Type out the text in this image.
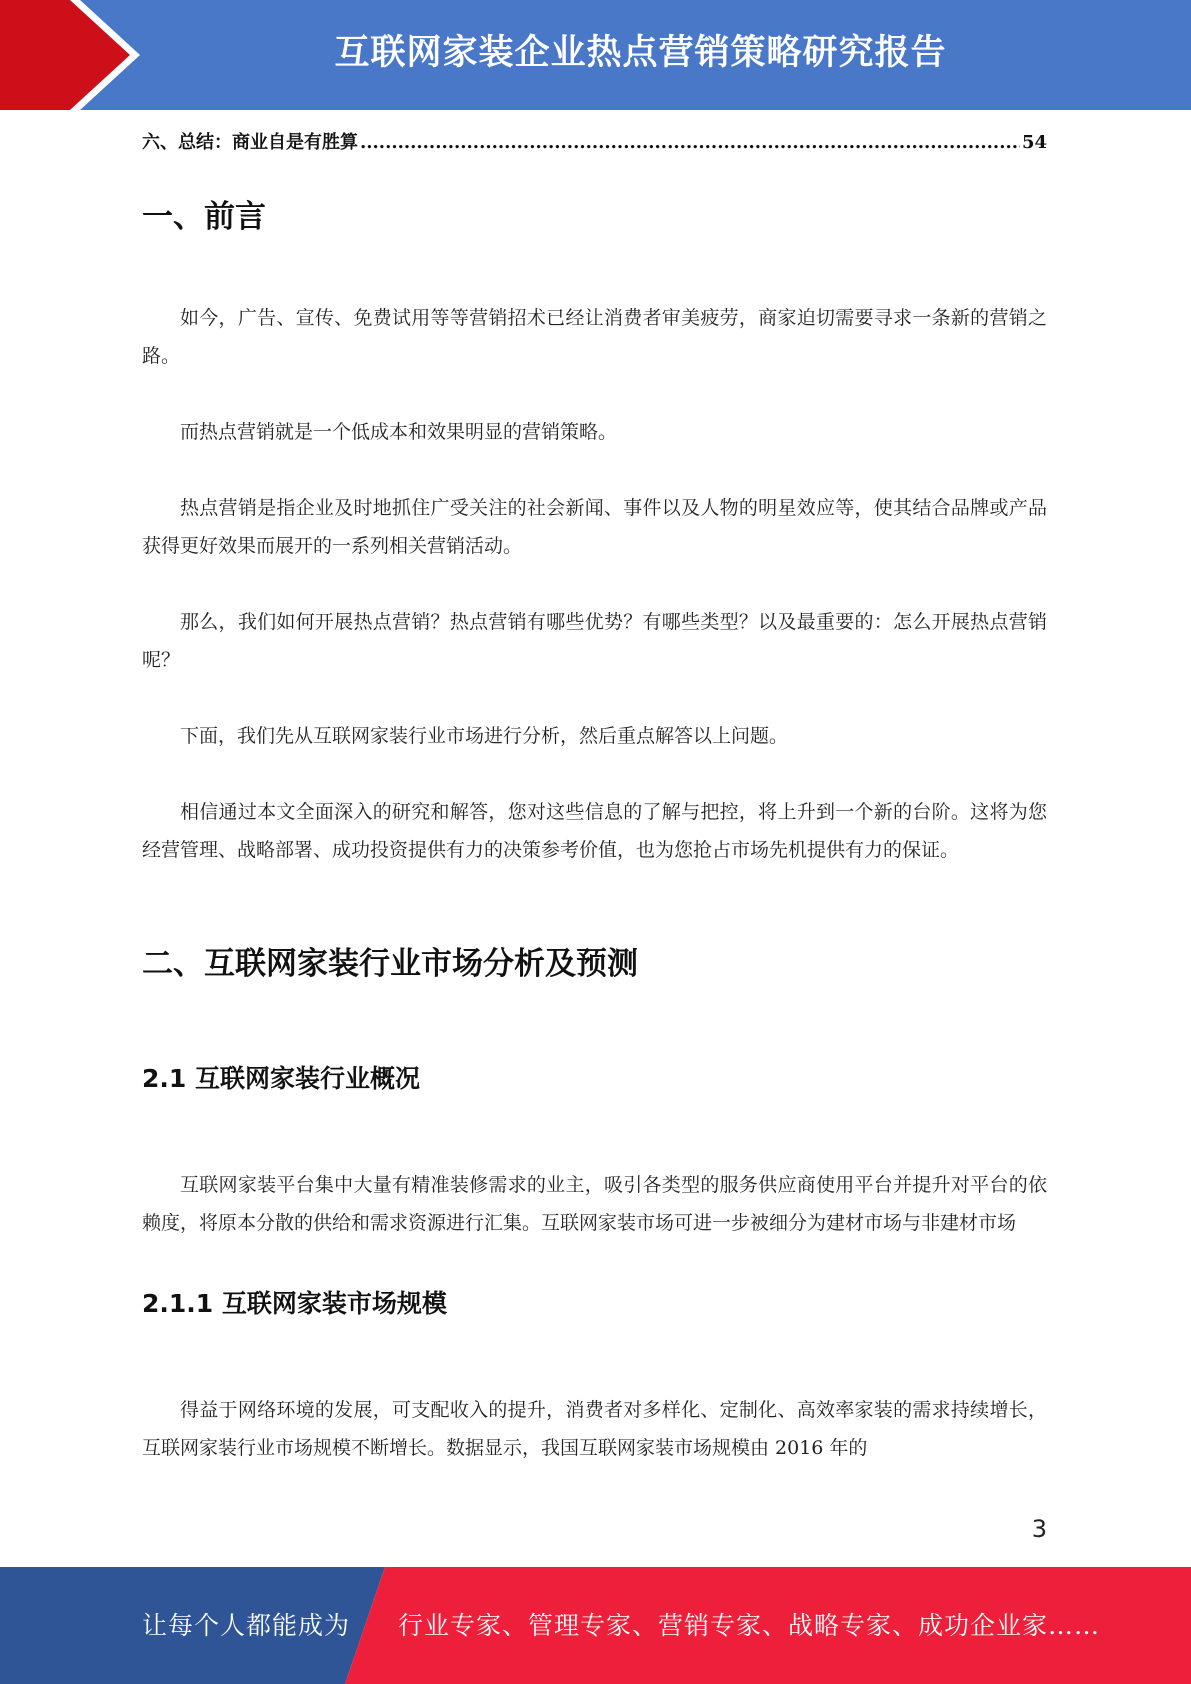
互联网家装企业热点营销策略研究报告
六、总结：商业自是有胜算
.....	54
一、前言

如今，广告、宣传、免费试用等等营销招术已经让消费者审美疲劳，商家迫切需要寻求一条新的营销之路。

而热点营销就是一个低成本和效果明显的营销策略。

热点营销是指企业及时地抓住广受关注的社会新闻、事件以及人物的明星效应等，使其结合品牌或产品获得更好效果而展开的一系列相关营销活动。

那么，我们如何开展热点营销？热点营销有哪些优势？有哪些类型？以及最重要的：怎么开展热点营销呢？

下面，我们先从互联网家装行业市场进行分析，然后重点解答以上问题。

相信通过本文全面深入的研究和解答，您对这些信息的了解与把控，将上升到一个新的台阶。这将为您经营管理、战略部署、成功投资提供有力的决策参考价值，也为您抢占市场先机提供有力的保证。

二、互联网家装行业市场分析及预测
2.1 互联网家装行业概况

互联网家装平台集中大量有精准装修需求的业主，吸引各类型的服务供应商使用平台并提升对平台的依赖度，将原本分散的供给和需求资源进行汇集。互联网家装市场可进一步被细分为建材市场与非建材市场

2.1.1 互联网家装市场规模

得益于网络环境的发展，可支配收入的提升，消费者对多样化、定制化、高效率家装的需求持续增长，互联网家装行业市场规模不断增长。数据显示，我国互联网家装市场规模由 2016 年的

3
让每个人都能成为 行业专家、管理专家、营销专家、战略专家、成功企业家……
